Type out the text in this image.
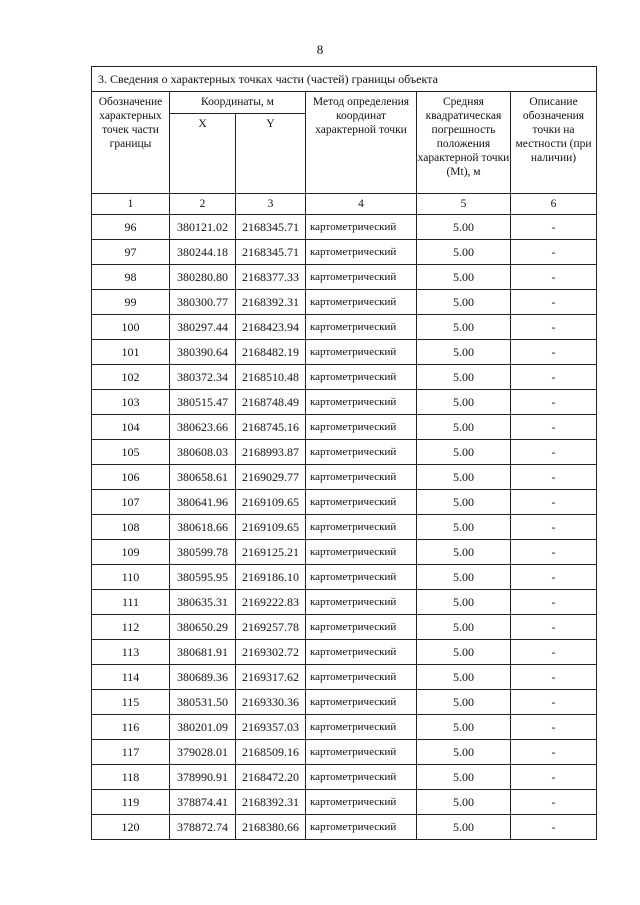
8
3. Сведения о характерных точках части (частей) границы объекта					
Обозначение характерных точек части границы	Координаты, м		Метод определения координат характерной точки	Средняя квадратическая погрешность положения характерной точки (Mt), м	Описание обозначения точки на местности (при наличии)
	X	Y			
1	2	3	4	5	6
96	380121.02	2168345.71	картометрический	5.00	-
97	380244.18	2168345.71	картометрический	5.00	-
98	380280.80	2168377.33	картометрический	5.00	-
99	380300.77	2168392.31	картометрический	5.00	-
100	380297.44	2168423.94	картометрический	5.00	-
101	380390.64	2168482.19	картометрический	5.00	-
102	380372.34	2168510.48	картометрический	5.00	-
103	380515.47	2168748.49	картометрический	5.00	-
104	380623.66	2168745.16	картометрический	5.00	-
105	380608.03	2168993.87	картометрический	5.00	-
106	380658.61	2169029.77	картометрический	5.00	-
107	380641.96	2169109.65	картометрический	5.00	-
108	380618.66	2169109.65	картометрический	5.00	-
109	380599.78	2169125.21	картометрический	5.00	-
110	380595.95	2169186.10	картометрический	5.00	-
111	380635.31	2169222.83	картометрический	5.00	-
112	380650.29	2169257.78	картометрический	5.00	-
113	380681.91	2169302.72	картометрический	5.00	-
114	380689.36	2169317.62	картометрический	5.00	-
115	380531.50	2169330.36	картометрический	5.00	-
116	380201.09	2169357.03	картометрический	5.00	-
117	379028.01	2168509.16	картометрический	5.00	-
118	378990.91	2168472.20	картометрический	5.00	-
119	378874.41	2168392.31	картометрический	5.00	-
120	378872.74	2168380.66	картометрический	5.00	-
